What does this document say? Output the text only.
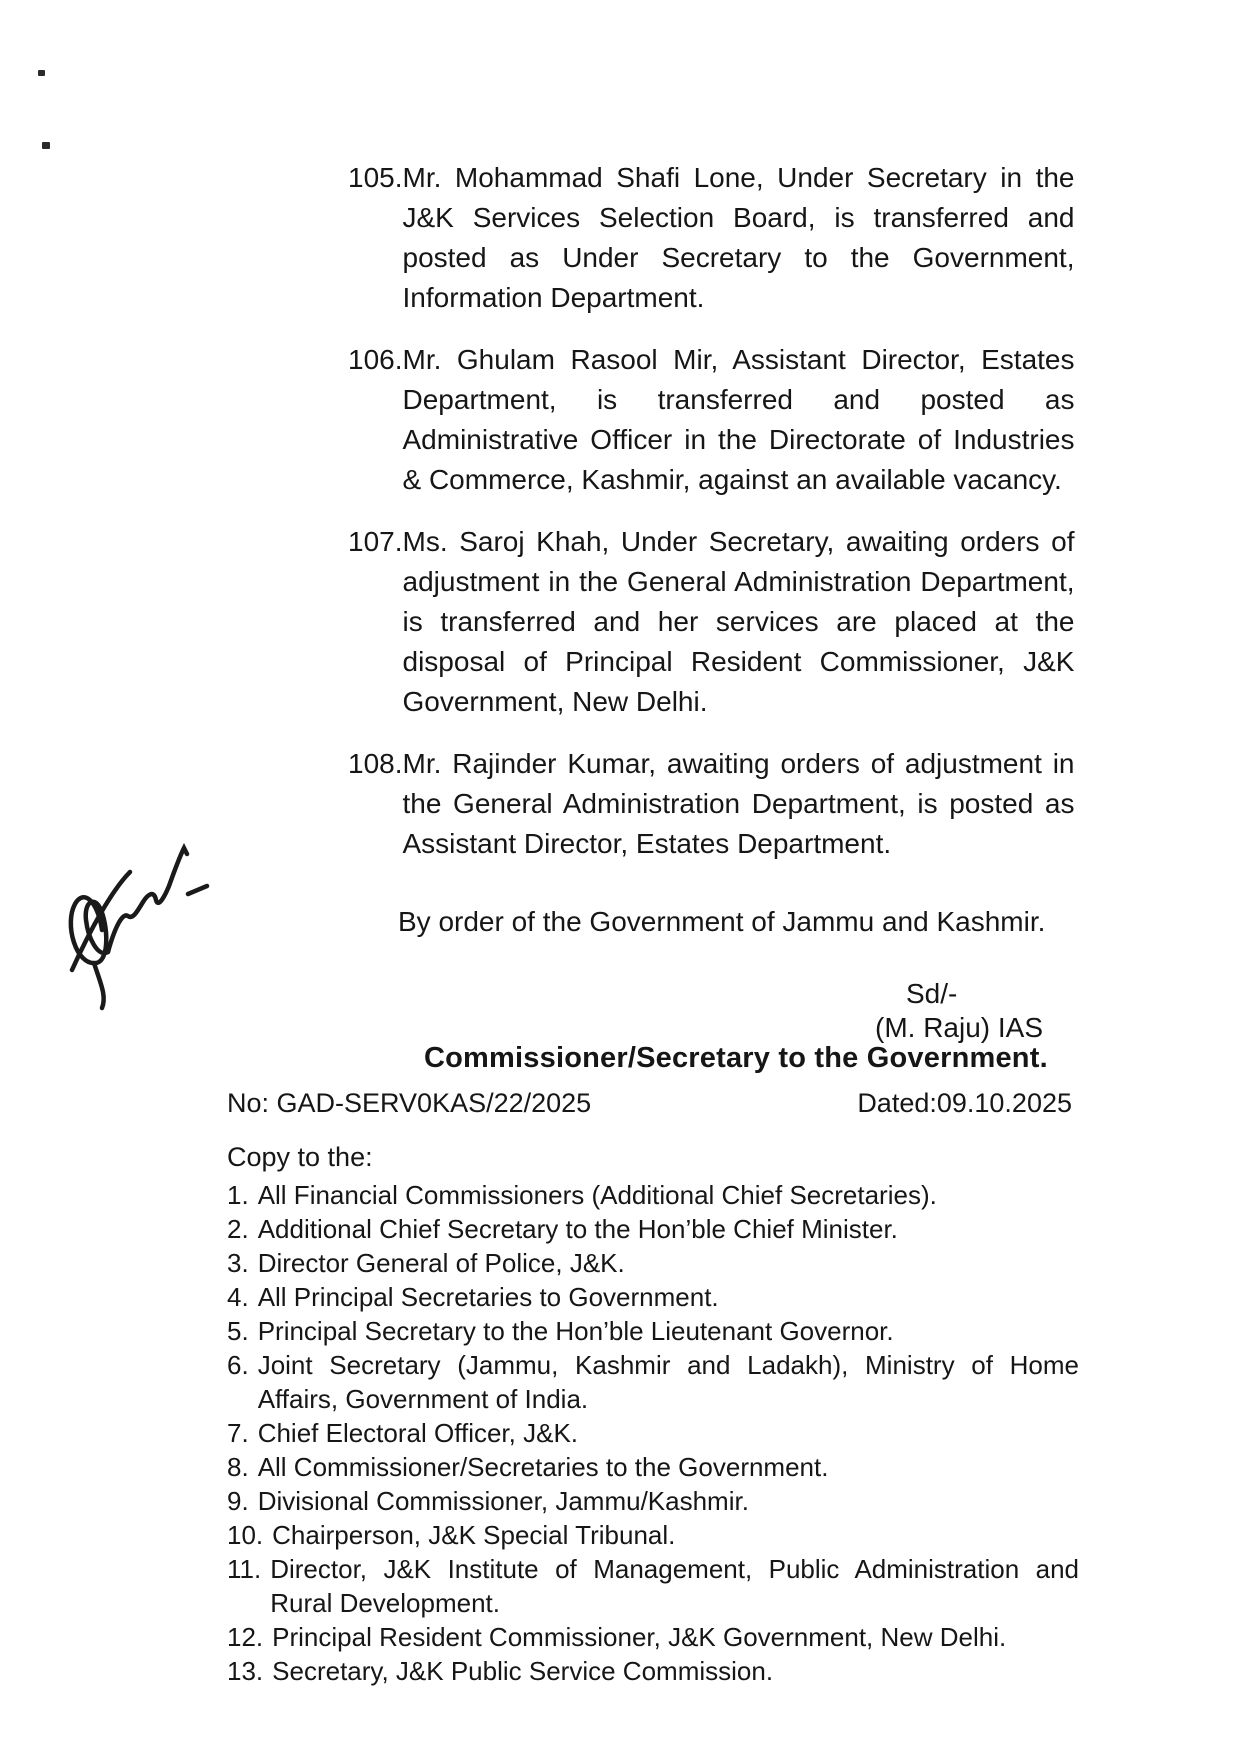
105. Mr. Mohammad Shafi Lone, Under Secretary in the J&K Services Selection Board, is transferred and posted as Under Secretary to the Government, Information Department.

106. Mr. Ghulam Rasool Mir, Assistant Director, Estates Department, is transferred and posted as Administrative Officer in the Directorate of Industries & Commerce, Kashmir, against an available vacancy.

107. Ms. Saroj Khah, Under Secretary, awaiting orders of adjustment in the General Administration Department, is transferred and her services are placed at the disposal of Principal Resident Commissioner, J&K Government, New Delhi.

108. Mr. Rajinder Kumar, awaiting orders of adjustment in the General Administration Department, is posted as Assistant Director, Estates Department.

By order of the Government of Jammu and Kashmir.

Sd/-
(M. Raju) IAS
Commissioner/Secretary to the Government.
No: GAD-SERV0KAS/22/2025	Dated:09.10.2025
Copy to the:
1. All Financial Commissioners (Additional Chief Secretaries).
2. Additional Chief Secretary to the Hon’ble Chief Minister.
3. Director General of Police, J&K.
4. All Principal Secretaries to Government.
5. Principal Secretary to the Hon’ble Lieutenant Governor.
6. Joint Secretary (Jammu, Kashmir and Ladakh), Ministry of Home Affairs, Government of India.
7. Chief Electoral Officer, J&K.
8. All Commissioner/Secretaries to the Government.
9. Divisional Commissioner, Jammu/Kashmir.
10. Chairperson, J&K Special Tribunal.
11. Director, J&K Institute of Management, Public Administration and Rural Development.
12. Principal Resident Commissioner, J&K Government, New Delhi.
13. Secretary, J&K Public Service Commission.
